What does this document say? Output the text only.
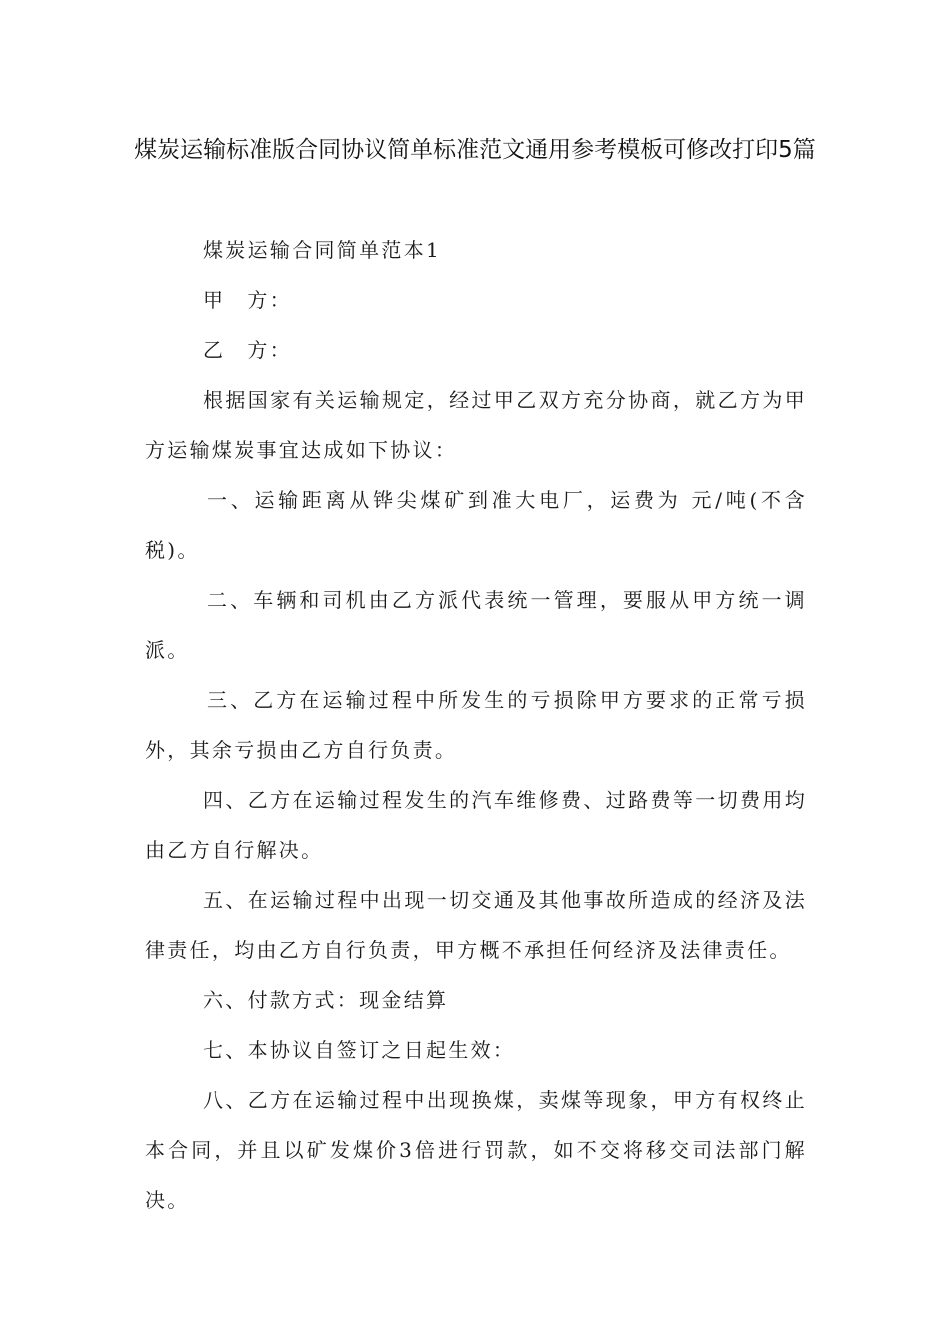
煤炭运输标准版合同协议简单标准范文通用参考模板可修改打印5篇

煤炭运输合同简单范本1

甲 方：

乙 方：

根据国家有关运输规定，经过甲乙双方充分协商，就乙方为甲方运输煤炭事宜达成如下协议：

一、运输距离从铧尖煤矿到准大电厂，运费为 元/吨(不含税)。

二、车辆和司机由乙方派代表统一管理，要服从甲方统一调派。

三、乙方在运输过程中所发生的亏损除甲方要求的正常亏损外，其余亏损由乙方自行负责。

四、乙方在运输过程发生的汽车维修费、过路费等一切费用均由乙方自行解决。

五、在运输过程中出现一切交通及其他事故所造成的经济及法律责任，均由乙方自行负责，甲方概不承担任何经济及法律责任。

六、付款方式：现金结算

七、本协议自签订之日起生效：

八、乙方在运输过程中出现换煤，卖煤等现象，甲方有权终止本合同，并且以矿发煤价3倍进行罚款，如不交将移交司法部门解决。
